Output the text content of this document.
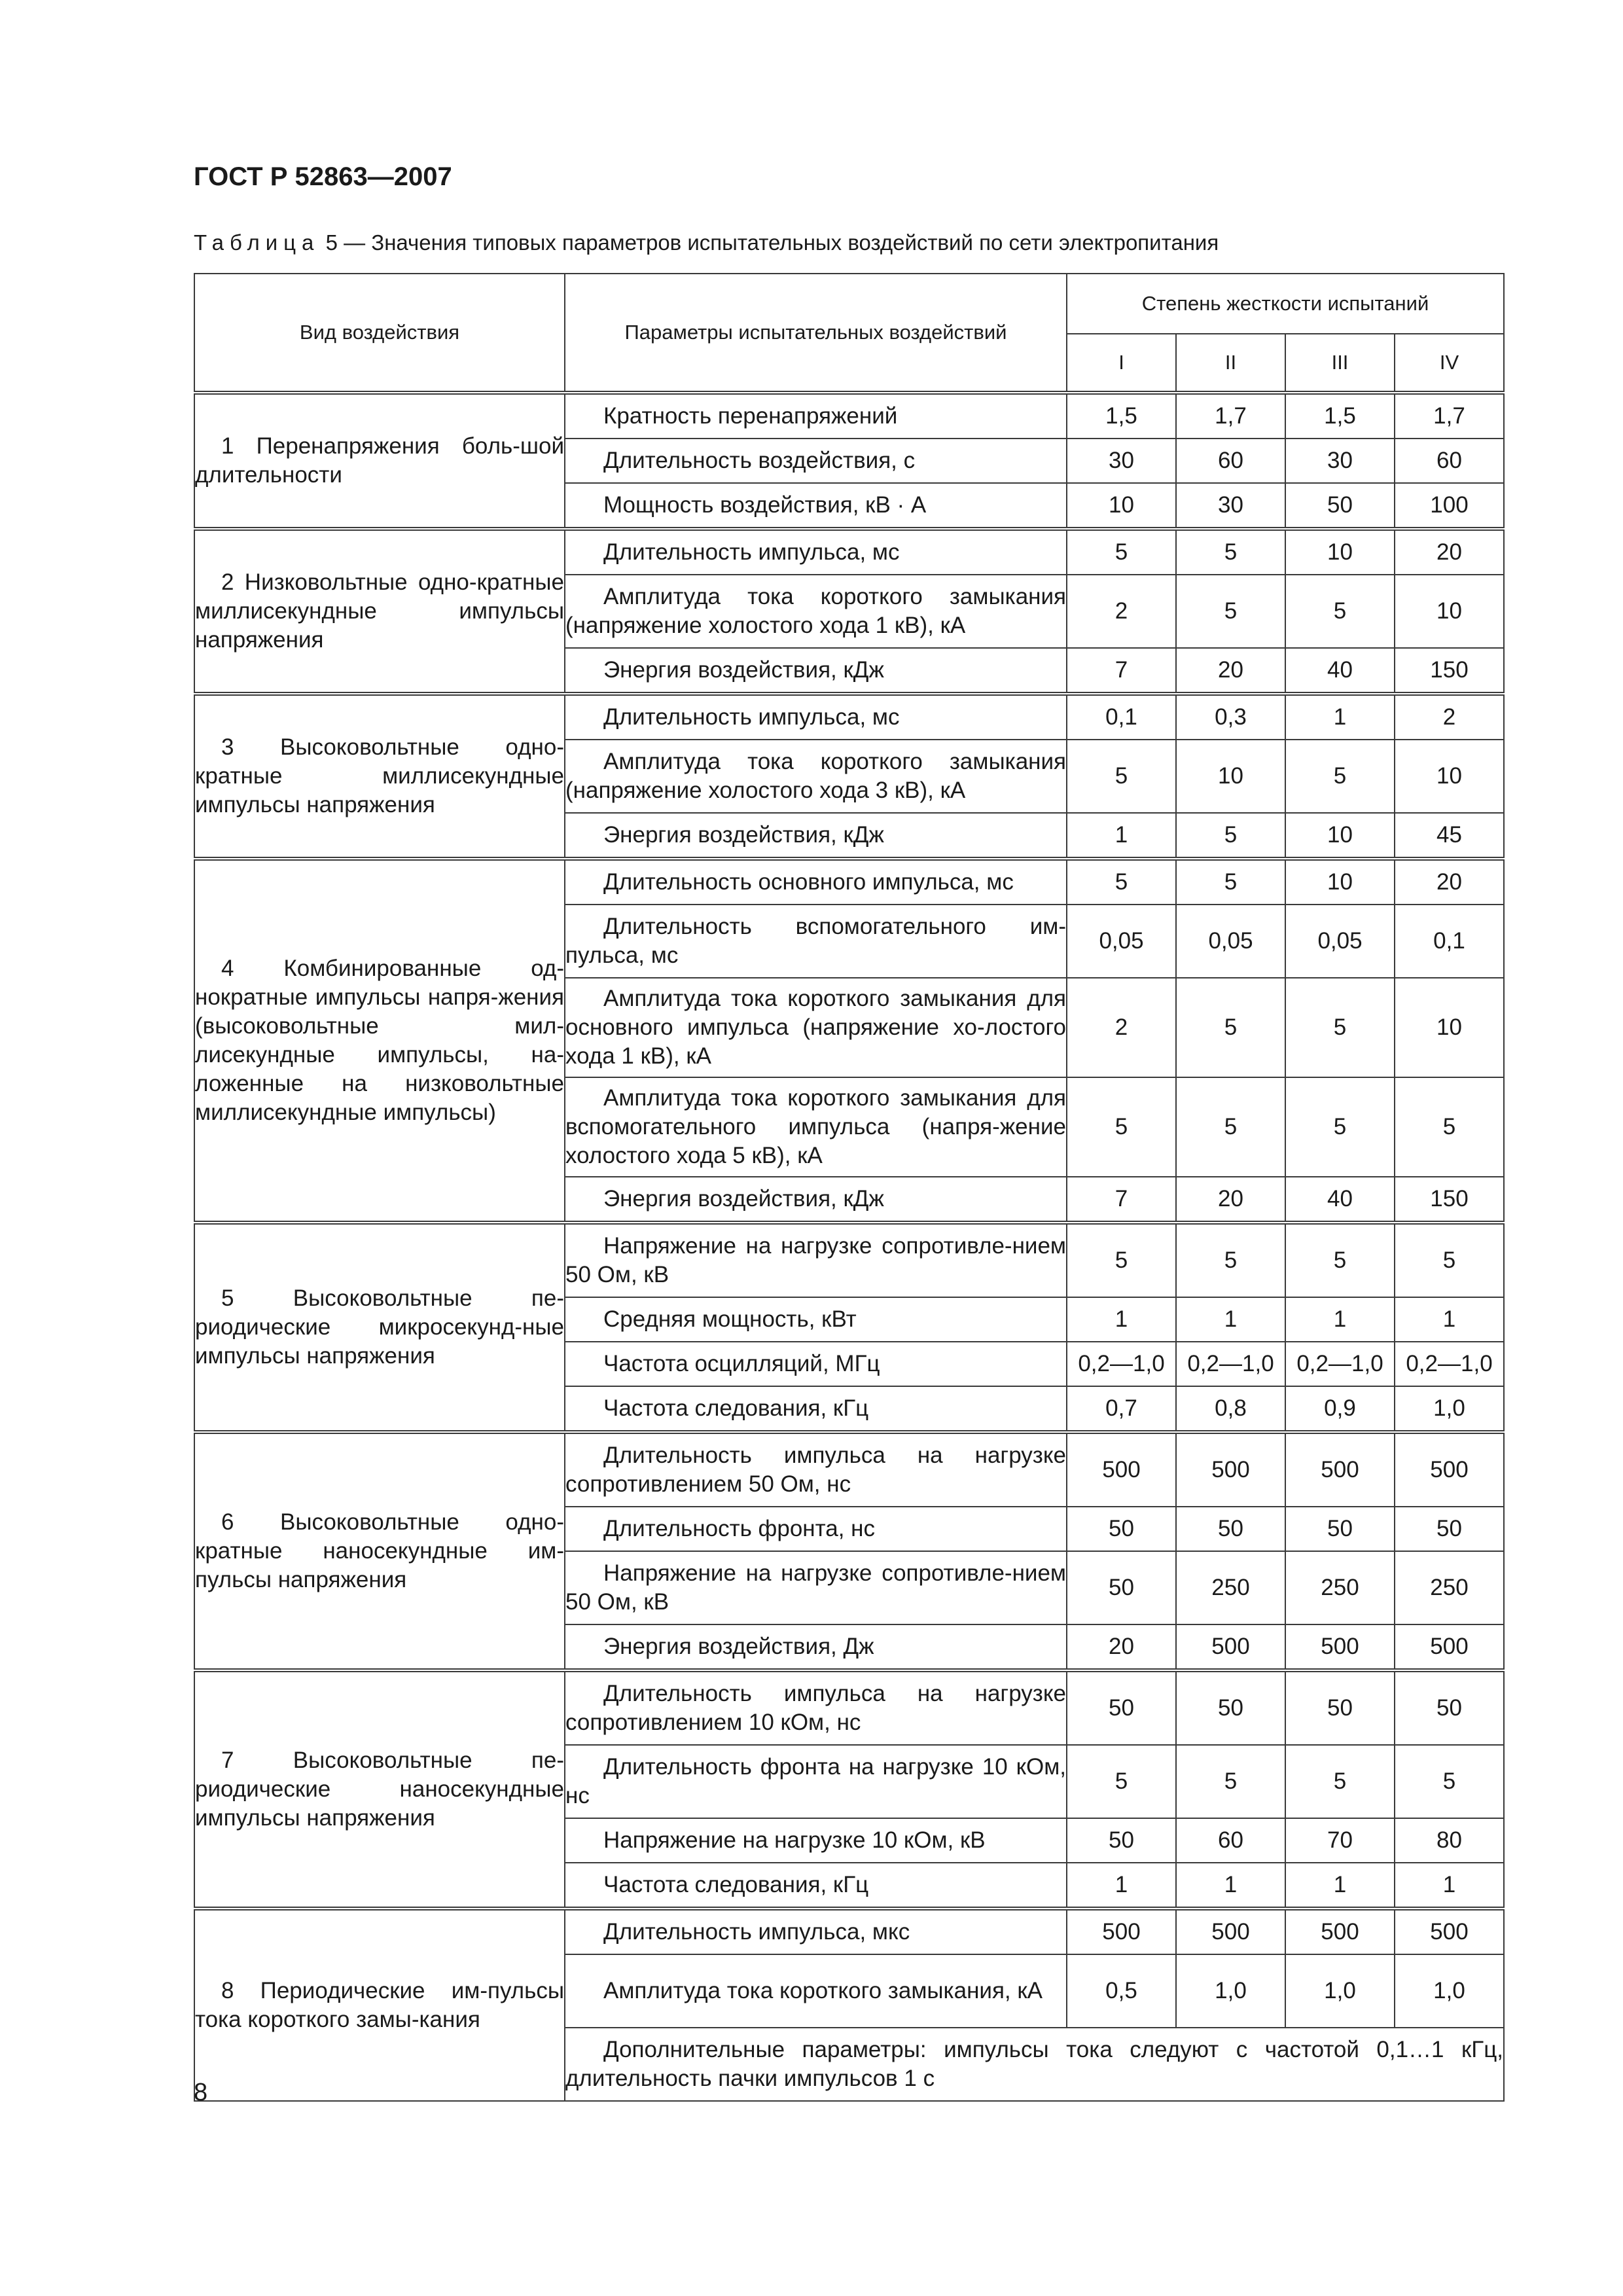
ГОСТ Р 52863—2007
Таблица 5 — Значения типовых параметров испытательных воздействий по сети электропитания
Вид воздействия	Параметры испытательных воздействий	Степень жесткости испытаний			
		I	II	III	IV
1 Перенапряжения боль-шой длительности	Кратность перенапряжений	1,5	1,7	1,5	1,7
	Длительность воздействия, с	30	60	30	60
	Мощность воздействия, кВ · А	10	30	50	100
2 Низковольтные одно-кратные миллисекундные импульсы напряжения	Длительность импульса, мс	5	5	10	20
	Амплитуда тока короткого замыкания (напряжение холостого хода 1 кВ), кА	2	5	5	10
	Энергия воздействия, кДж	7	20	40	150
3 Высоковольтные одно-кратные миллисекундные импульсы напряжения	Длительность импульса, мс	0,1	0,3	1	2
	Амплитуда тока короткого замыкания (напряжение холостого хода 3 кВ), кА	5	10	5	10
	Энергия воздействия, кДж	1	5	10	45
4 Комбинированные од-нократные импульсы напря-жения (высоковольтные мил-лисекундные импульсы, на-ложенные на низковольтные миллисекундные импульсы)	Длительность основного импульса, мс	5	5	10	20
	Длительность вспомогательного им-пульса, мс	0,05	0,05	0,05	0,1
	Амплитуда тока короткого замыкания для основного импульса (напряжение хо-лостого хода 1 кВ), кА	2	5	5	10
	Амплитуда тока короткого замыкания для вспомогательного импульса (напря-жение холостого хода 5 кВ), кА	5	5	5	5
	Энергия воздействия, кДж	7	20	40	150
5 Высоковольтные пе-риодические микросекунд-ные импульсы напряжения	Напряжение на нагрузке сопротивле-нием 50 Ом, кВ	5	5	5	5
	Средняя мощность, кВт	1	1	1	1
	Частота осцилляций, МГц	0,2—1,0	0,2—1,0	0,2—1,0	0,2—1,0
	Частота следования, кГц	0,7	0,8	0,9	1,0
6 Высоковольтные одно-кратные наносекундные им-пульсы напряжения	Длительность импульса на нагрузке сопротивлением 50 Ом, нс	500	500	500	500
	Длительность фронта, нс	50	50	50	50
	Напряжение на нагрузке сопротивле-нием 50 Ом, кВ	50	250	250	250
	Энергия воздействия, Дж	20	500	500	500
7 Высоковольтные пе-риодические наносекундные импульсы напряжения	Длительность импульса на нагрузке сопротивлением 10 кОм, нс	50	50	50	50
	Длительность фронта на нагрузке 10 кОм, нс	5	5	5	5
	Напряжение на нагрузке 10 кОм, кВ	50	60	70	80
	Частота следования, кГц	1	1	1	1
8 Периодические им-пульсы тока короткого замы-кания	Длительность импульса, мкс	500	500	500	500
	Амплитуда тока короткого замыкания, кА	0,5	1,0	1,0	1,0
	Дополнительные параметры: импульсы тока следуют с частотой 0,1…1 кГц, длительность пачки импульсов 1 с				
8
